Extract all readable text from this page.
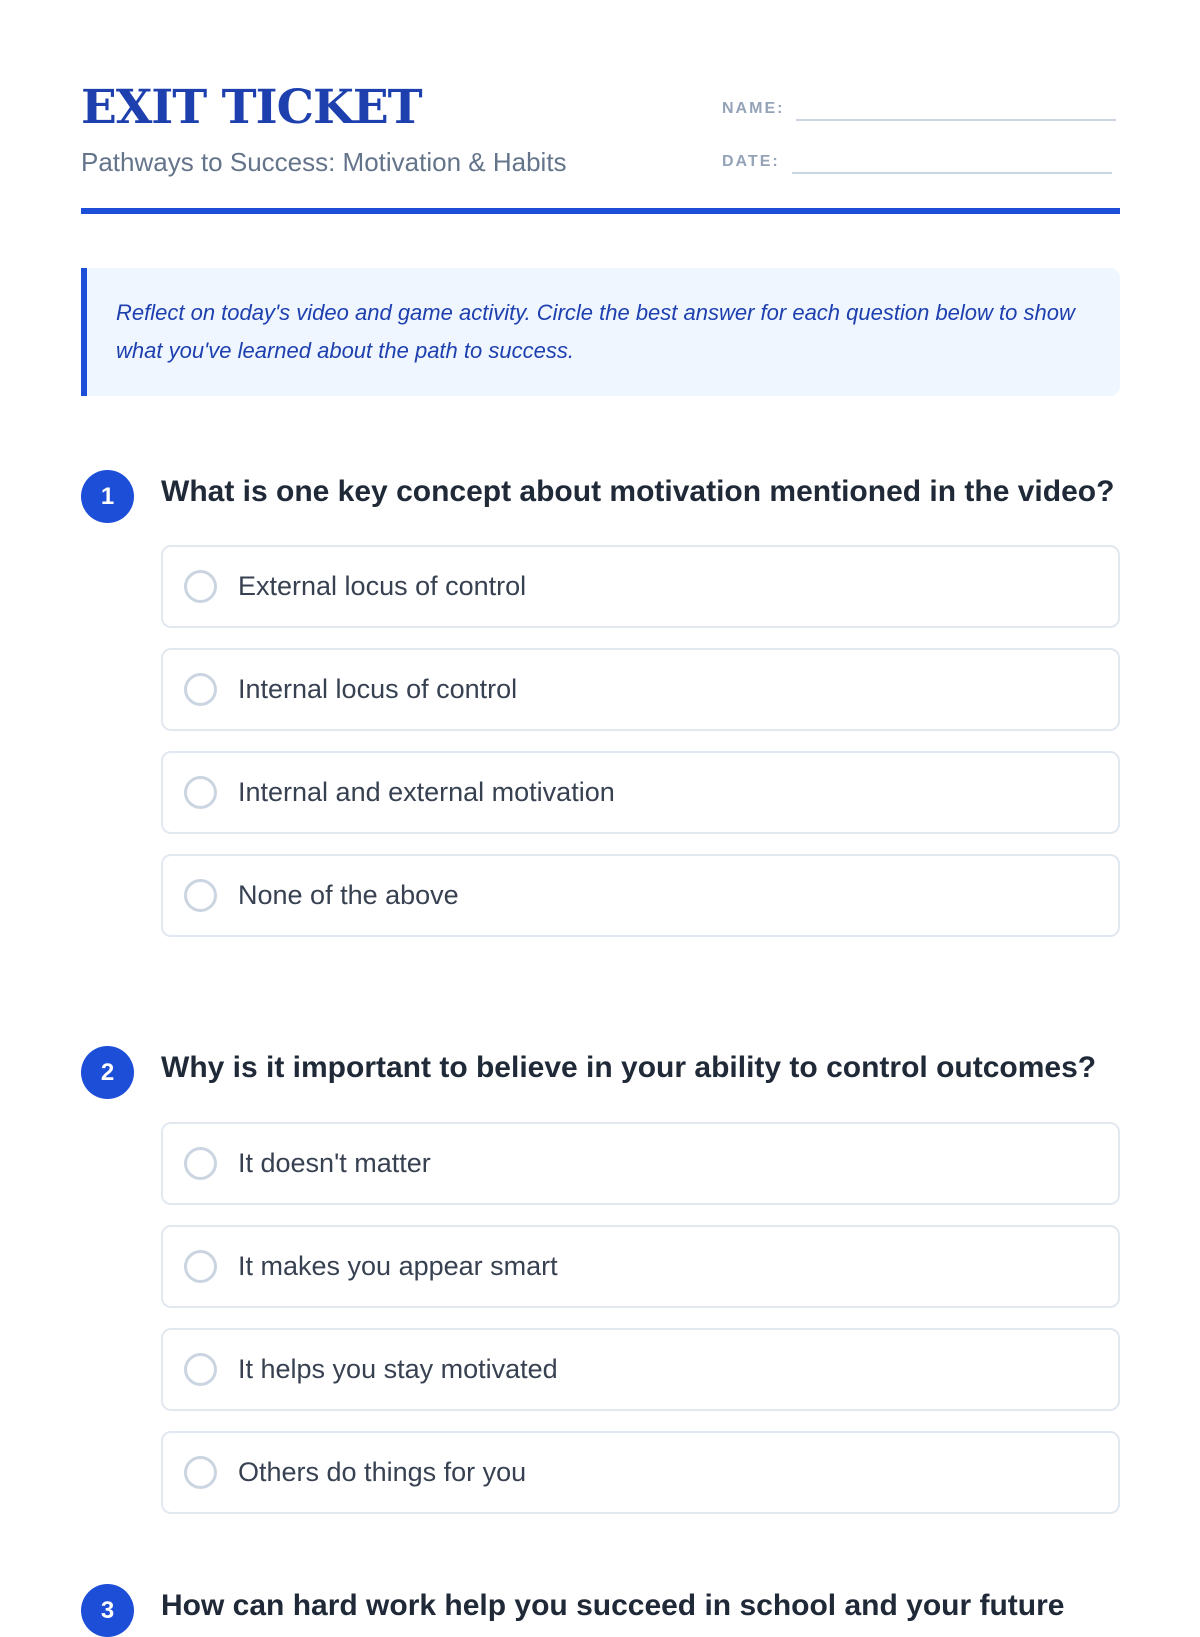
EXIT TICKET
Pathways to Success: Motivation & Habits
NAME:
DATE:
Reflect on today's video and game activity. Circle the best answer for each question below to show what you've learned about the path to success.
1	What is one key concept about motivation mentioned in the video?
External locus of control
Internal locus of control
Internal and external motivation
None of the above
2	Why is it important to believe in your ability to control outcomes?
It doesn't matter
It makes you appear smart
It helps you stay motivated
Others do things for you
3	How can hard work help you succeed in school and your future
